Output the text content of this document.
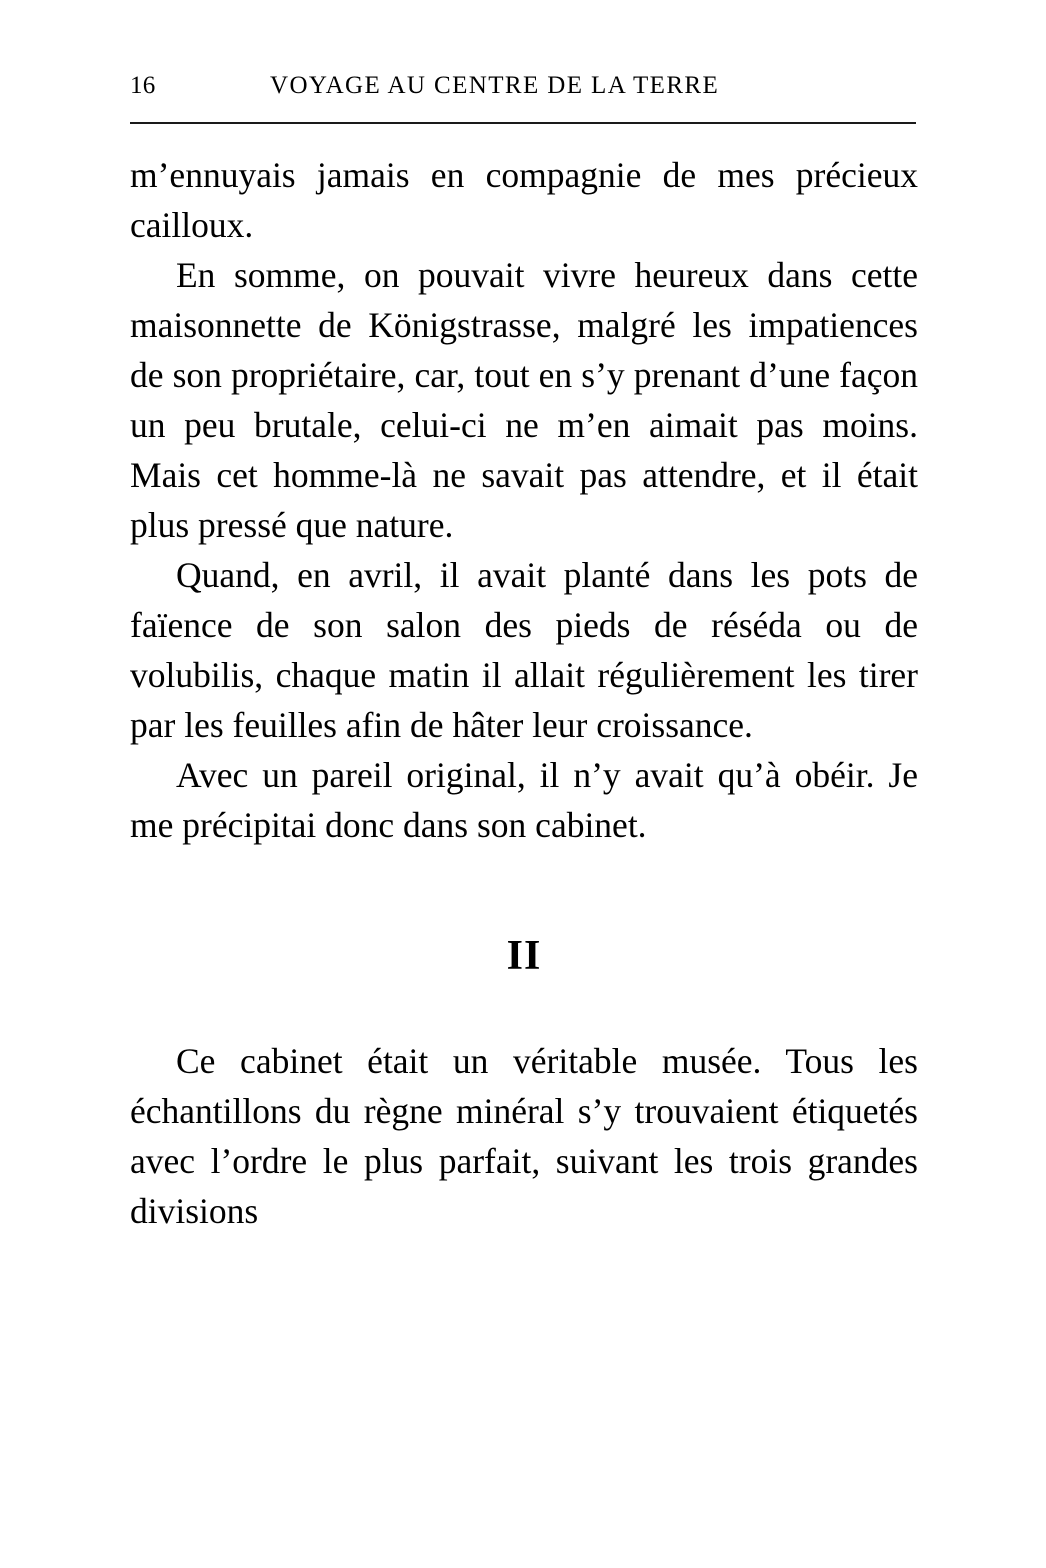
16	VOYAGE AU CENTRE DE LA TERRE

m’ennuyais jamais en compagnie de mes précieux cailloux.

En somme, on pouvait vivre heureux dans cette maisonnette de Königstrasse, malgré les impatiences de son propriétaire, car, tout en s’y prenant d’une façon un peu brutale, celui-ci ne m’en aimait pas moins. Mais cet homme-là ne savait pas attendre, et il était plus pressé que nature.

Quand, en avril, il avait planté dans les pots de faïence de son salon des pieds de réséda ou de volubilis, chaque matin il allait régulièrement les tirer par les feuilles afin de hâter leur croissance.

Avec un pareil original, il n’y avait qu’à obéir. Je me précipitai donc dans son cabinet.

II

Ce cabinet était un véritable musée. Tous les échantillons du règne minéral s’y trouvaient étiquetés avec l’ordre le plus parfait, suivant les trois grandes divisions
